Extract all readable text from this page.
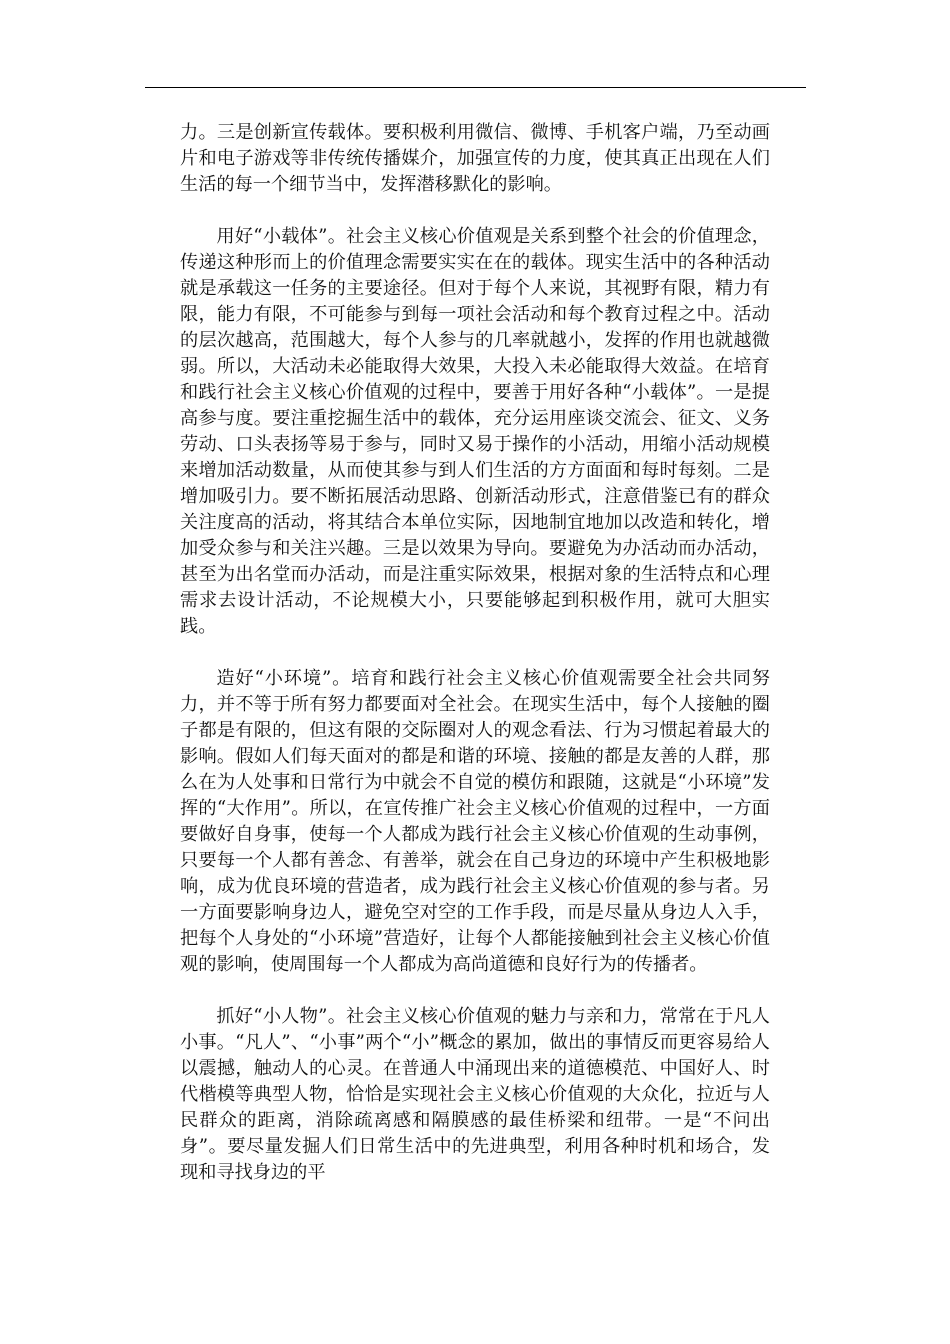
力。三是创新宣传载体。要积极利用微信、微博、手机客户端，乃至动画片和电子游戏等非传统传播媒介，加强宣传的力度，使其真正出现在人们生活的每一个细节当中，发挥潜移默化的影响。

用好“小载体”。社会主义核心价值观是关系到整个社会的价值理念，传递这种形而上的价值理念需要实实在在的载体。现实生活中的各种活动就是承载这一任务的主要途径。但对于每个人来说，其视野有限，精力有限，能力有限，不可能参与到每一项社会活动和每个教育过程之中。活动的层次越高，范围越大，每个人参与的几率就越小，发挥的作用也就越微弱。所以，大活动未必能取得大效果，大投入未必能取得大效益。在培育和践行社会主义核心价值观的过程中，要善于用好各种“小载体”。一是提高参与度。要注重挖掘生活中的载体，充分运用座谈交流会、征文、义务劳动、口头表扬等易于参与，同时又易于操作的小活动，用缩小活动规模来增加活动数量，从而使其参与到人们生活的方方面面和每时每刻。二是增加吸引力。要不断拓展活动思路、创新活动形式，注意借鉴已有的群众关注度高的活动，将其结合本单位实际，因地制宜地加以改造和转化，增加受众参与和关注兴趣。三是以效果为导向。要避免为办活动而办活动，甚至为出名堂而办活动，而是注重实际效果，根据对象的生活特点和心理需求去设计活动，不论规模大小，只要能够起到积极作用，就可大胆实践。

造好“小环境”。培育和践行社会主义核心价值观需要全社会共同努力，并不等于所有努力都要面对全社会。在现实生活中，每个人接触的圈子都是有限的，但这有限的交际圈对人的观念看法、行为习惯起着最大的影响。假如人们每天面对的都是和谐的环境、接触的都是友善的人群，那么在为人处事和日常行为中就会不自觉的模仿和跟随，这就是“小环境”发挥的“大作用”。所以，在宣传推广社会主义核心价值观的过程中，一方面要做好自身事，使每一个人都成为践行社会主义核心价值观的生动事例，只要每一个人都有善念、有善举，就会在自己身边的环境中产生积极地影响，成为优良环境的营造者，成为践行社会主义核心价值观的参与者。另一方面要影响身边人，避免空对空的工作手段，而是尽量从身边人入手，把每个人身处的“小环境”营造好，让每个人都能接触到社会主义核心价值观的影响，使周围每一个人都成为高尚道德和良好行为的传播者。

抓好“小人物”。社会主义核心价值观的魅力与亲和力，常常在于凡人小事。“凡人”、“小事”两个“小”概念的累加，做出的事情反而更容易给人以震撼，触动人的心灵。在普通人中涌现出来的道德模范、中国好人、时代楷模等典型人物，恰恰是实现社会主义核心价值观的大众化，拉近与人民群众的距离，消除疏离感和隔膜感的最佳桥梁和纽带。一是“不问出身”。要尽量发掘人们日常生活中的先进典型，利用各种时机和场合，发现和寻找身边的平
